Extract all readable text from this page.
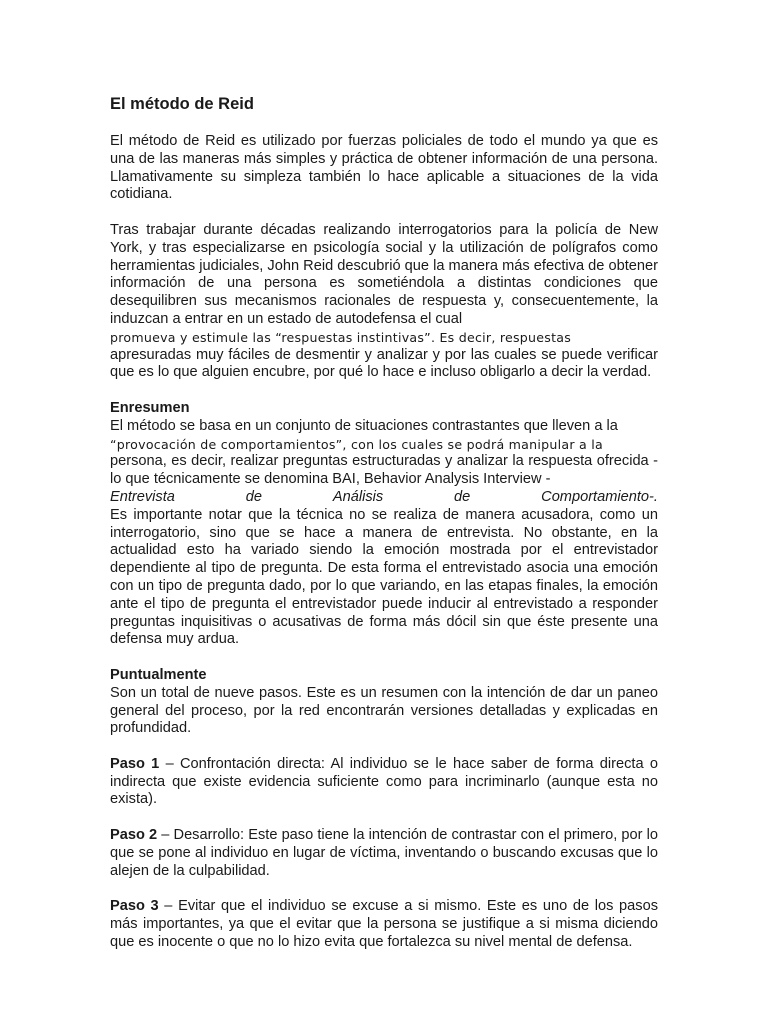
El método de Reid

El método de Reid es utilizado por fuerzas policiales de todo el mundo ya que es una de las maneras más simples y práctica de obtener información de una persona. Llamativamente su simpleza también lo hace aplicable a situaciones de la vida cotidiana.

Tras trabajar durante décadas realizando interrogatorios para la policía de New York, y tras especializarse en psicología social y la utilización de polígrafos como herramientas judiciales, John Reid descubrió que la manera más efectiva de obtener información de una persona es sometiéndola a distintas condiciones que desequilibren sus mecanismos racionales de respuesta y, consecuentemente, la induzcan a entrar en un estado de autodefensa el cual

promueva y estimule las “respuestas instintivas”. Es decir, respuestas

apresuradas muy fáciles de desmentir y analizar y por las cuales se puede verificar que es lo que alguien encubre, por qué lo hace e incluso obligarlo a decir la verdad.

Enresumen

El método se basa en un conjunto de situaciones contrastantes que lleven a la

“provocación de comportamientos”, con los cuales se podrá manipular a la

persona, es decir, realizar preguntas estructuradas y analizar la respuesta ofrecida -lo que técnicamente se denomina BAI, Behavior Analysis Interview -

Entrevista	de	Análisis	de	Comportamiento-.

Es importante notar que la técnica no se realiza de manera acusadora, como un interrogatorio, sino que se hace a manera de entrevista. No obstante, en la actualidad esto ha variado siendo la emoción mostrada por el entrevistador dependiente al tipo de pregunta. De esta forma el entrevistado asocia una emoción con un tipo de pregunta dado, por lo que variando, en las etapas finales, la emoción ante el tipo de pregunta el entrevistador puede inducir al entrevistado a responder preguntas inquisitivas o acusativas de forma más dócil sin que éste presente una defensa muy ardua.

Puntualmente

Son un total de nueve pasos. Este es un resumen con la intención de dar un paneo general del proceso, por la red encontrarán versiones detalladas y explicadas en profundidad.

Paso 1 – Confrontación directa: Al individuo se le hace saber de forma directa o indirecta que existe evidencia suficiente como para incriminarlo (aunque esta no exista).

Paso 2 – Desarrollo: Este paso tiene la intención de contrastar con el primero, por lo que se pone al individuo en lugar de víctima, inventando o buscando excusas que lo alejen de la culpabilidad.

Paso 3 – Evitar que el individuo se excuse a si mismo. Este es uno de los pasos más importantes, ya que el evitar que la persona se justifique a si misma diciendo que es inocente o que no lo hizo evita que fortalezca su nivel mental de defensa.
